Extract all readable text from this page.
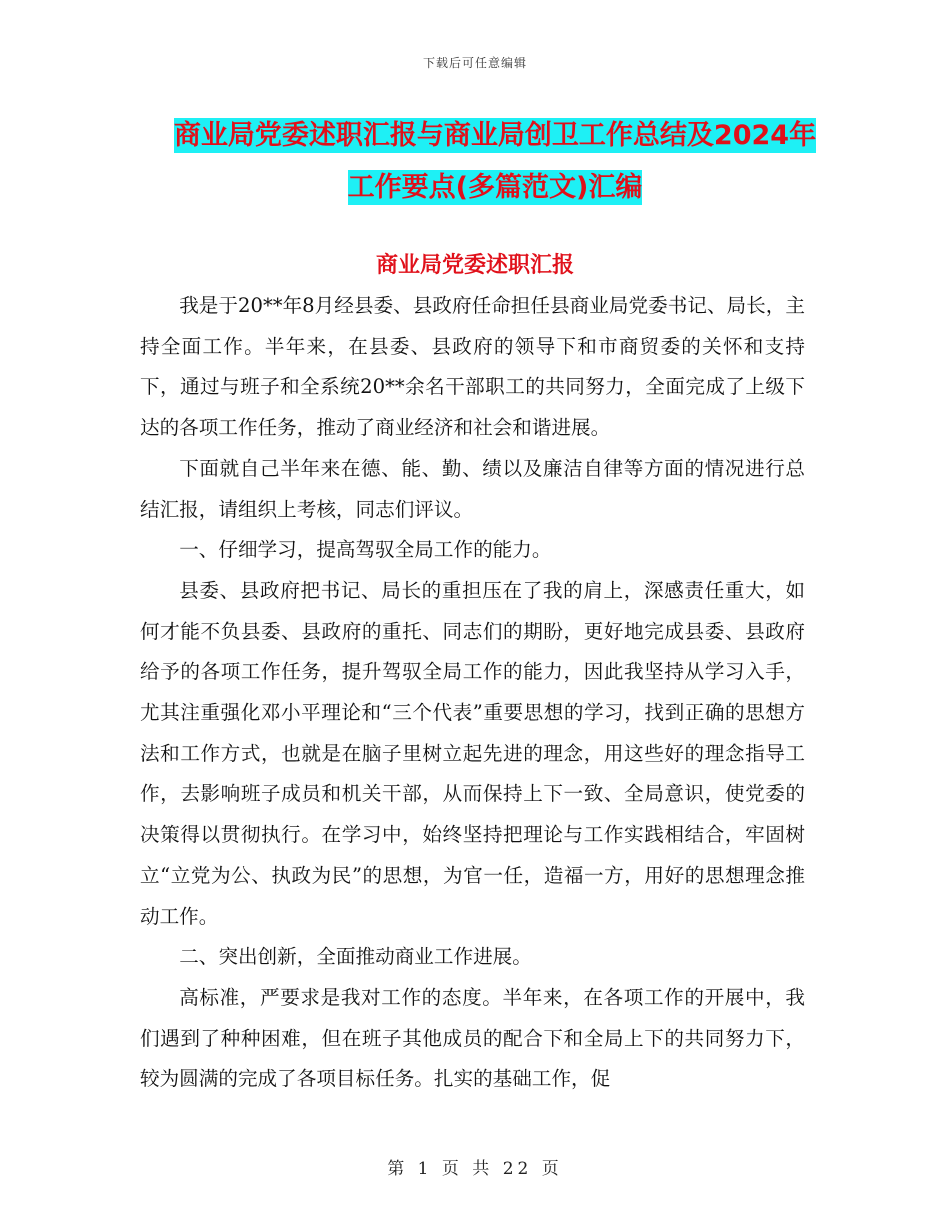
下载后可任意编辑
商业局党委述职汇报与商业局创卫工作总结及2024年
工作要点(多篇范文)汇编
商业局党委述职汇报

我是于20**年8月经县委、县政府任命担任县商业局党委书记、局长，主持全面工作。半年来，在县委、县政府的领导下和市商贸委的关怀和支持下，通过与班子和全系统20**余名干部职工的共同努力，全面完成了上级下达的各项工作任务，推动了商业经济和社会和谐进展。

下面就自己半年来在德、能、勤、绩以及廉洁自律等方面的情况进行总结汇报，请组织上考核，同志们评议。

一、仔细学习，提高驾驭全局工作的能力。

县委、县政府把书记、局长的重担压在了我的肩上，深感责任重大，如何才能不负县委、县政府的重托、同志们的期盼，更好地完成县委、县政府给予的各项工作任务，提升驾驭全局工作的能力，因此我坚持从学习入手，尤其注重强化邓小平理论和“三个代表”重要思想的学习，找到正确的思想方法和工作方式，也就是在脑子里树立起先进的理念，用这些好的理念指导工作，去影响班子成员和机关干部，从而保持上下一致、全局意识，使党委的决策得以贯彻执行。在学习中，始终坚持把理论与工作实践相结合，牢固树立“立党为公、执政为民”的思想，为官一任，造福一方，用好的思想理念推动工作。

二、突出创新，全面推动商业工作进展。

高标准，严要求是我对工作的态度。半年来，在各项工作的开展中，我们遇到了种种困难，但在班子其他成员的配合下和全局上下的共同努力下，较为圆满的完成了各项目标任务。扎实的基础工作，促

第 1 页 共 22 页
